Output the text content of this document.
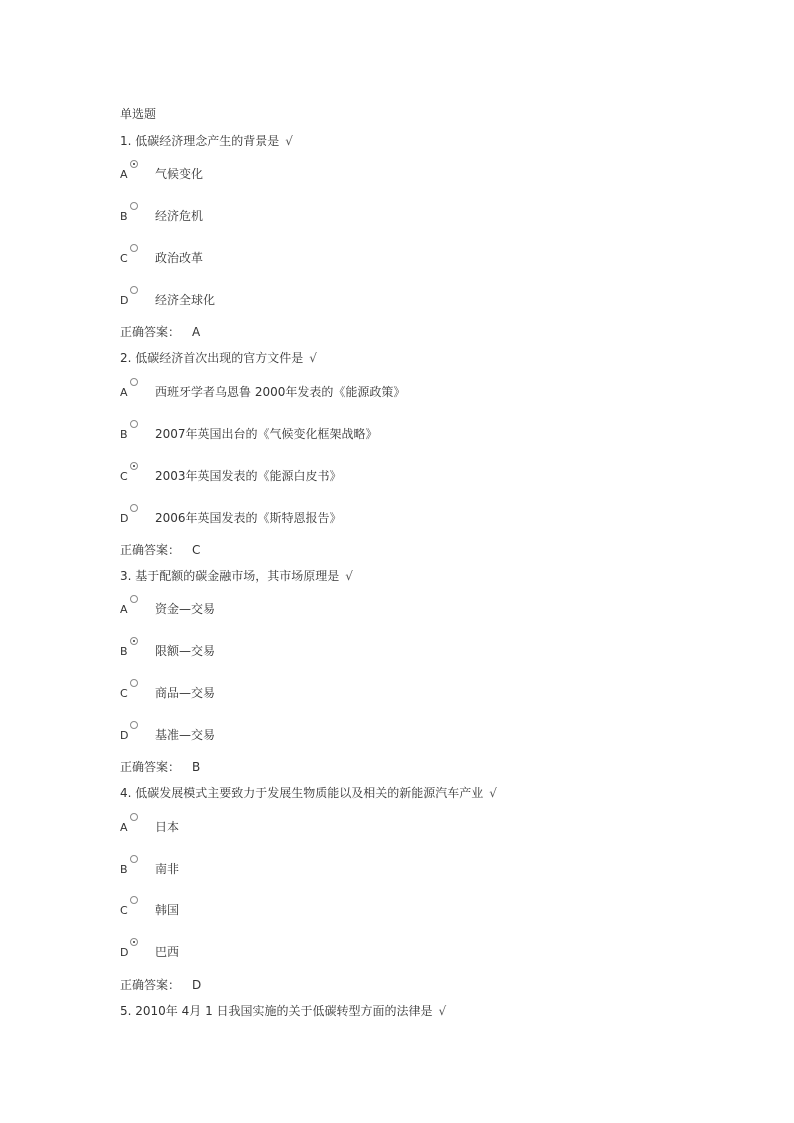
单选题
1. 低碳经济理念产生的背景是 √
A 气候变化
B 经济危机
C 政治改革
D 经济全球化
正确答案： A
2. 低碳经济首次出现的官方文件是 √
A 西班牙学者乌恩鲁 2000年发表的《能源政策》
B 2007年英国出台的《气候变化框架战略》
C 2003年英国发表的《能源白皮书》
D 2006年英国发表的《斯特恩报告》
正确答案： C
3. 基于配额的碳金融市场，其市场原理是 √
A 资金—交易
B 限额—交易
C 商品—交易
D 基准—交易
正确答案： B
4. 低碳发展模式主要致力于发展生物质能以及相关的新能源汽车产业 √
A 日本
B 南非
C 韩国
D 巴西
正确答案： D
5. 2010年 4月 1 日我国实施的关于低碳转型方面的法律是 √
